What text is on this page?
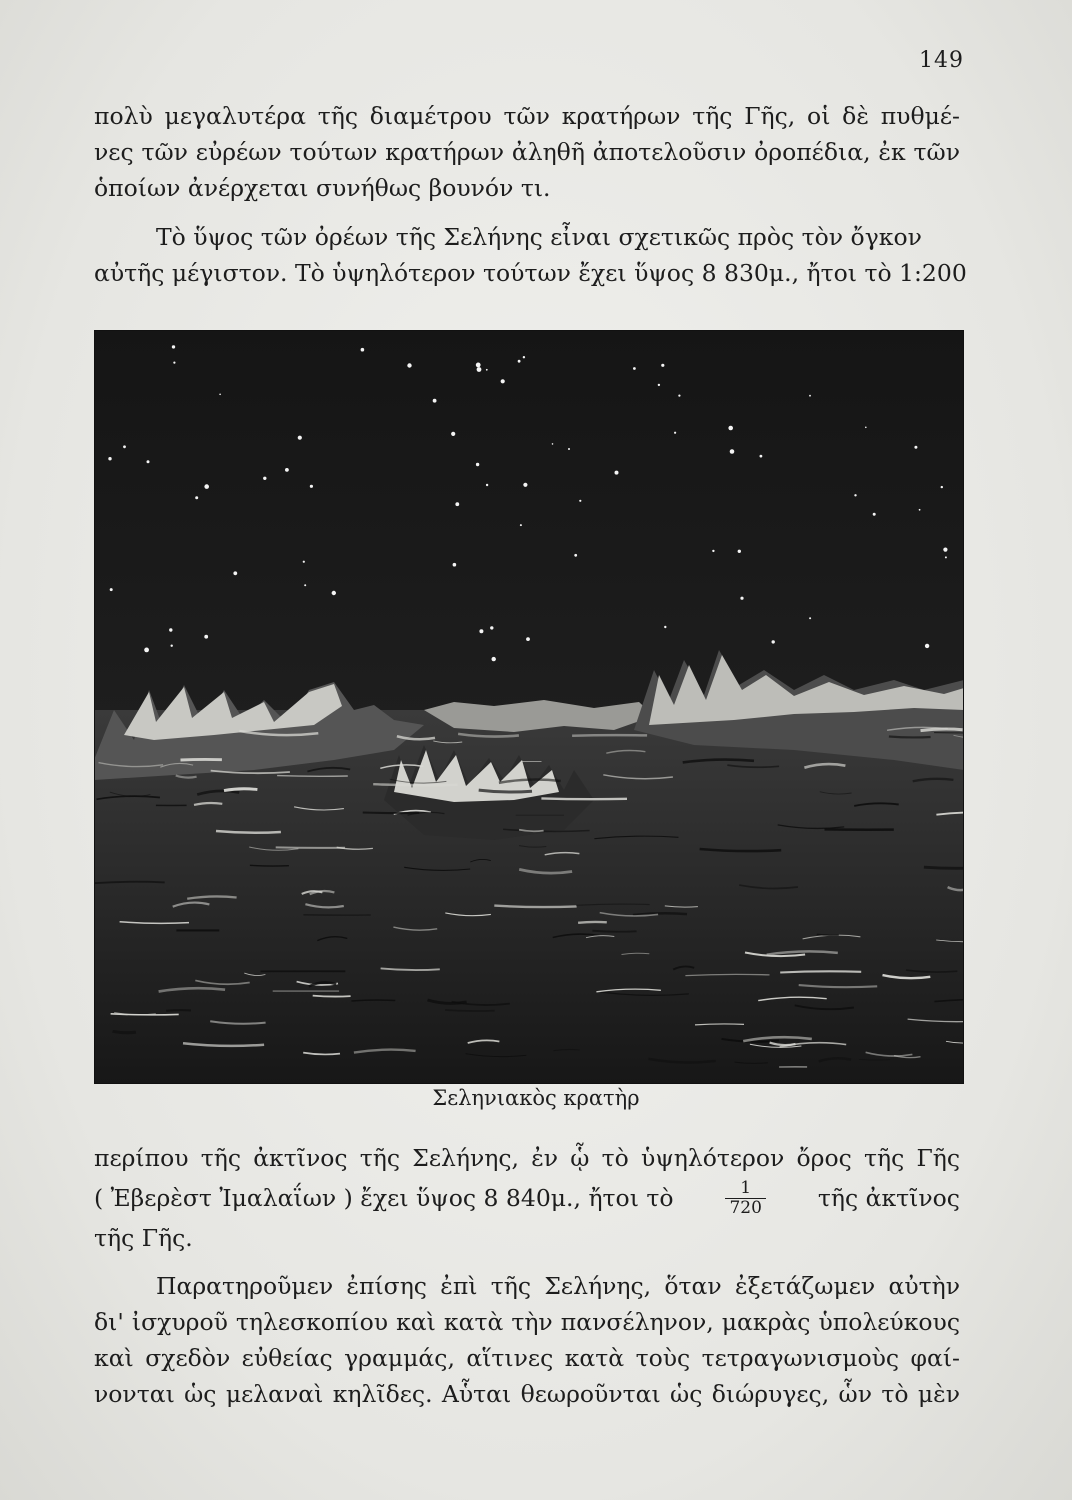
149

πολὺ μεγαλυτέρα τῆς διαμέτρου τῶν κρατήρων τῆς Γῆς, οἱ δὲ πυθμέ-
νες τῶν εὐρέων τούτων κρατήρων ἀληθῆ ἀποτελοῦσιν ὀροπέδια, ἐκ τῶν
ὁποίων ἀνέρχεται συνήθως βουνόν τι.

Τὸ ὕψος τῶν ὀρέων τῆς Σελήνης εἶναι σχετικῶς πρὸς τὸν ὄγκον
αὐτῆς μέγιστον. Τὸ ὑψηλότερον τούτων ἔχει ὕψος 8 830μ., ἤτοι τὸ 1:200

Σεληνιακὸς κρατὴρ

περίπου τῆς ἀκτῖνος τῆς Σελήνης, ἐν ᾧ τὸ ὑψηλότερον ὄρος τῆς Γῆς
( Ἐβερὲστ Ἰμαλαΐων ) ἔχει ὕψος 8 840μ., ἤτοι τὸ	$\frac{1}{720}$ τῆς ἀκτῖνος
τῆς Γῆς.

Παρατηροῦμεν ἐπίσης ἐπὶ τῆς Σελήνης, ὅταν ἐξετάζωμεν αὐτὴν
δι' ἰσχυροῦ τηλεσκοπίου καὶ κατὰ τὴν πανσέληνον, μακρὰς ὑπολεύκους
καὶ σχεδὸν εὐθείας γραμμάς, αἵτινες κατὰ τοὺς τετραγωνισμοὺς φαί-
νονται ὡς μελαναὶ κηλῖδες. Αὗται θεωροῦνται ὡς διώρυγες, ὧν τὸ μὲν
